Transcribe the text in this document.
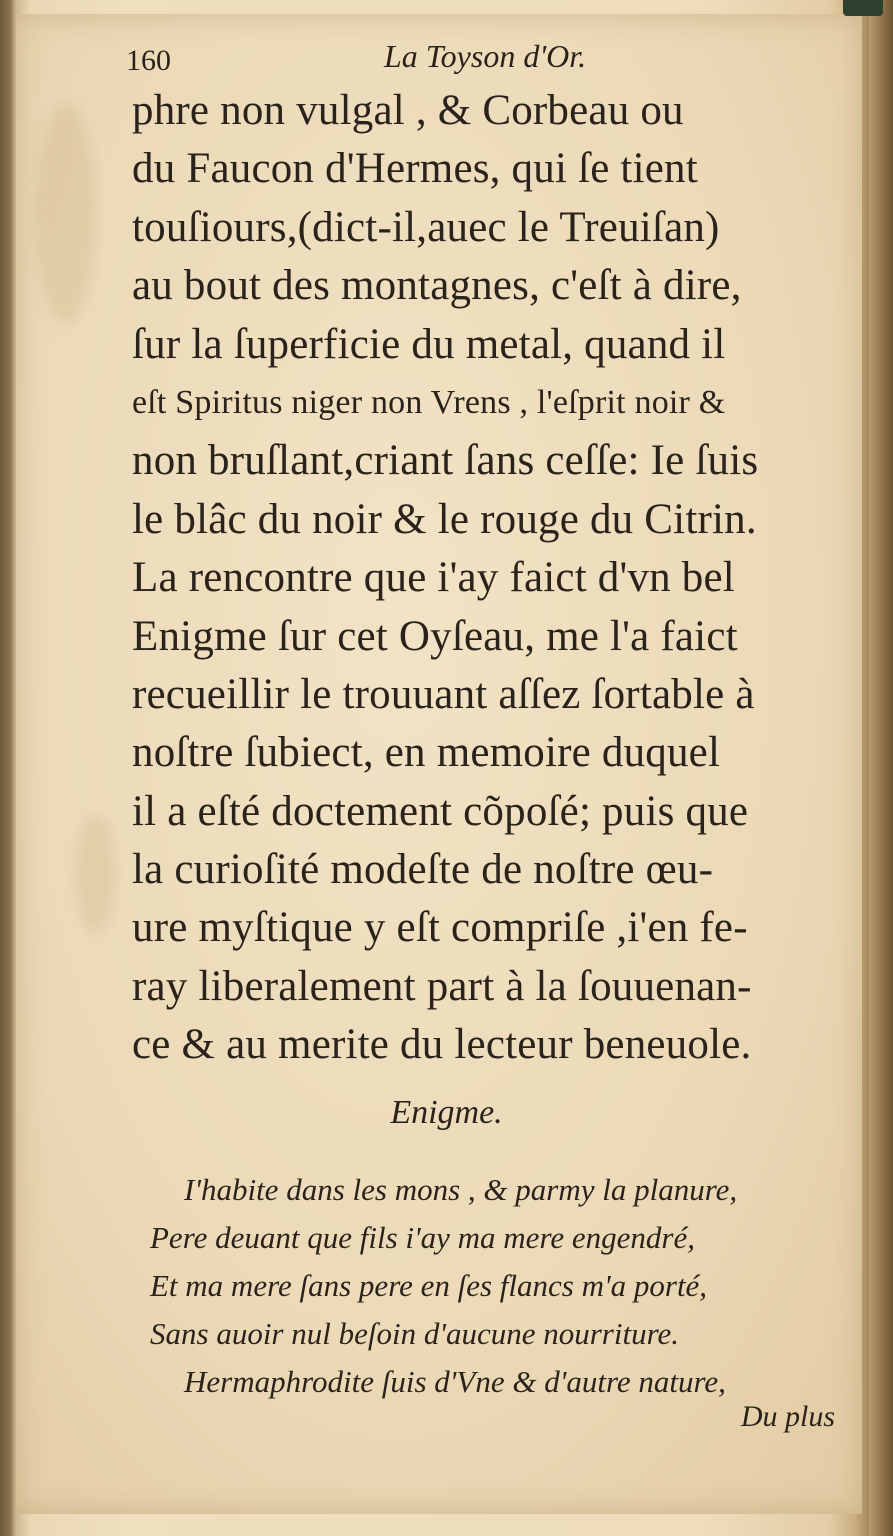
160	La Toyson d'Or.
phre non vulgal , & Corbeau ou
du Faucon d'Hermes, qui ſe tient
touſiours,(dict-il,auec le Treuiſan)
au bout des montagnes, c'eſt à dire,
ſur la ſuperficie du metal, quand il
eſt Spiritus niger non Vrens , l'eſprit noir &
non bruſlant,criant ſans ceſſe: Ie ſuis
le blâc du noir & le rouge du Citrin.
La rencontre que i'ay faict d'vn bel
Enigme ſur cet Oyſeau, me l'a faict
recueillir le trouuant aſſez ſortable à
noſtre ſubiect, en memoire duquel
il a eſté doctement cõpoſé; puis que
la curioſité modeſte de noſtre œu-
ure myſtique y eſt compriſe ,i'en fe-
ray liberalement part à la ſouuenan-
ce & au merite du lecteur beneuole.
Enigme.
I'habite dans les mons , & parmy la planure,
Pere deuant que fils i'ay ma mere engendré,
Et ma mere ſans pere en ſes flancs m'a porté,
Sans auoir nul beſoin d'aucune nourriture.
Hermaphrodite ſuis d'Vne & d'autre nature,
Du plus
